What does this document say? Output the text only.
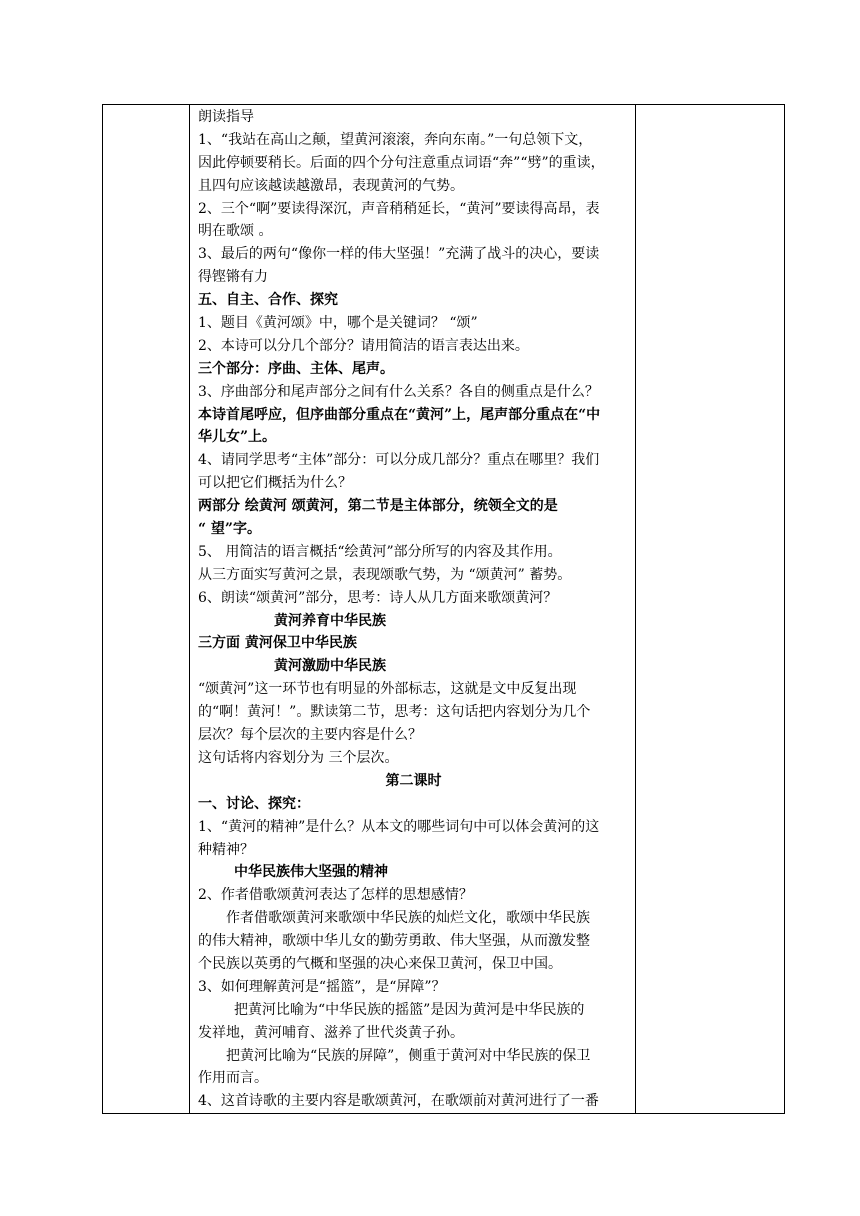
朗读指导
1、“我站在高山之颠，望黄河滚滚，奔向东南。”一句总领下文，
因此停顿要稍长。后面的四个分句注意重点词语“奔”“劈”的重读，
且四句应该越读越激昂，表现黄河的气势。
2、三个“啊”要读得深沉，声音稍稍延长，“黄河”要读得高昂，表
明在歌颂 。
3、最后的两句“像你一样的伟大坚强！”充满了战斗的决心，要读
得铿锵有力
五、自主、合作、探究
1、题目《黄河颂》中，哪个是关键词？ “颂”
2、本诗可以分几个部分？请用简洁的语言表达出来。
三个部分：序曲、主体、尾声。
3、序曲部分和尾声部分之间有什么关系？各自的侧重点是什么？
本诗首尾呼应，但序曲部分重点在“黄河”上，尾声部分重点在“中
华儿女”上。
4、请同学思考“主体”部分：可以分成几部分？重点在哪里？我们
可以把它们概括为什么？
两部分 绘黄河 颂黄河，第二节是主体部分，统领全文的是
“ 望”字。
5、 用简洁的语言概括“绘黄河”部分所写的内容及其作用。
从三方面实写黄河之景，表现颂歌气势，为 “颂黄河” 蓄势。
6、朗读“颂黄河”部分，思考：诗人从几方面来歌颂黄河？
黄河养育中华民族
三方面 黄河保卫中华民族
黄河激励中华民族
“颂黄河”这一环节也有明显的外部标志，这就是文中反复出现
的“啊！黄河！”。默读第二节，思考：这句话把内容划分为几个
层次？每个层次的主要内容是什么？
这句话将内容划分为 三个层次。
第二课时
一、讨论、探究：
1、“黄河的精神”是什么？从本文的哪些词句中可以体会黄河的这
种精神？
中华民族伟大坚强的精神
2、作者借歌颂黄河表达了怎样的思想感情？
作者借歌颂黄河来歌颂中华民族的灿烂文化，歌颂中华民族
的伟大精神，歌颂中华儿女的勤劳勇敢、伟大坚强，从而激发整
个民族以英勇的气概和坚强的决心来保卫黄河，保卫中国。
3、如何理解黄河是“摇篮”，是“屏障”？
把黄河比喻为“中华民族的摇篮”是因为黄河是中华民族的
发祥地，黄河哺育、滋养了世代炎黄子孙。
把黄河比喻为“民族的屏障”，侧重于黄河对中华民族的保卫
作用而言。
4、这首诗歌的主要内容是歌颂黄河，在歌颂前对黄河进行了一番
